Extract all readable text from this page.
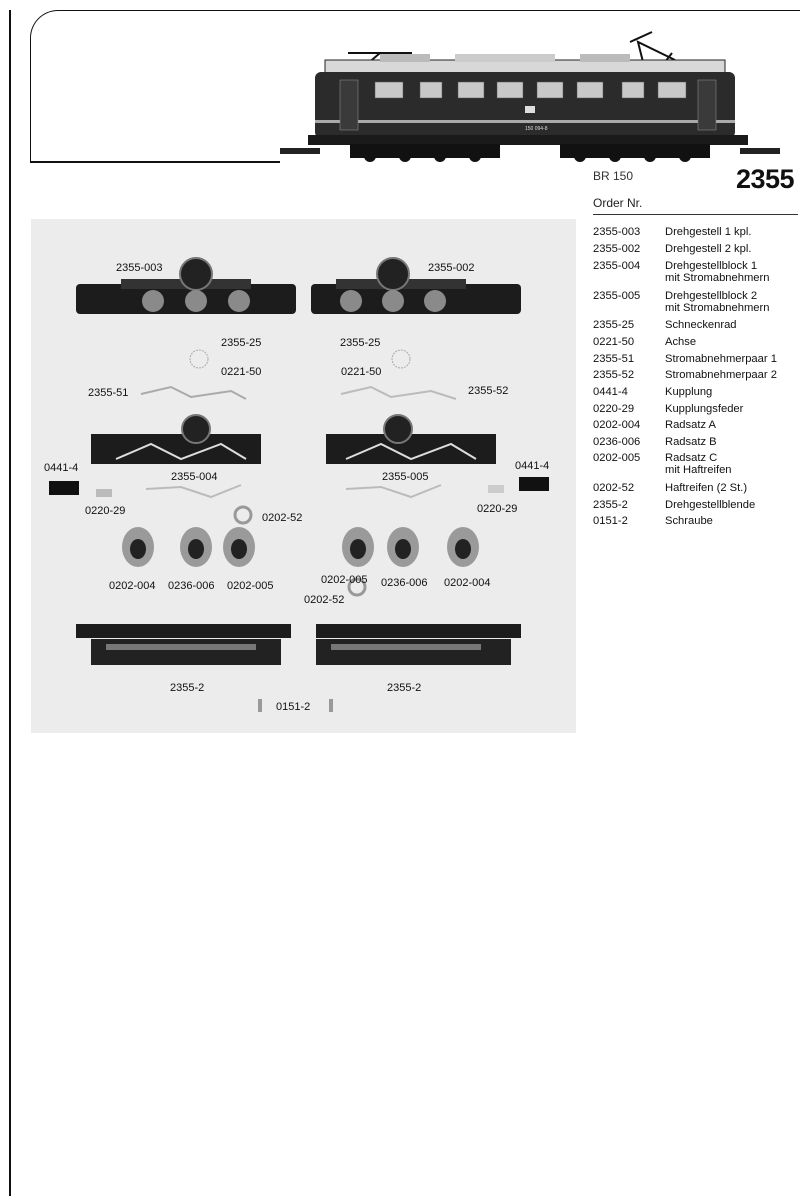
150 094-8
BR 150	2355
Order Nr.
2355-003	Drehgestell 1 kpl.
2355-002	Drehgestell 2 kpl.
2355-004	Drehgestellblock 1
mit Stromabnehmern
2355-005	Drehgestellblock 2
mit Stromabnehmern
2355-25	Schneckenrad
0221-50	Achse
2355-51	Stromabnehmerpaar 1
2355-52	Stromabnehmerpaar 2
0441-4	Kupplung
0220-29	Kupplungsfeder
0202-004	Radsatz A
0236-006	Radsatz B
0202-005	Radsatz C
mit Haftreifen
0202-52	Haftreifen (2 St.)
2355-2	Drehgestellblende
0151-2	Schraube
2355-003	2355-002
2355-25	2355-25
0221-50	0221-50
2355-51	2355-52
2355-004	2355-005
0441-4	0441-4
0220-29	0220-29
0202-52
0202-52
0202-004 0236-006 0202-005	0202-005 0236-006 0202-004
2355-2	2355-2
0151-2
